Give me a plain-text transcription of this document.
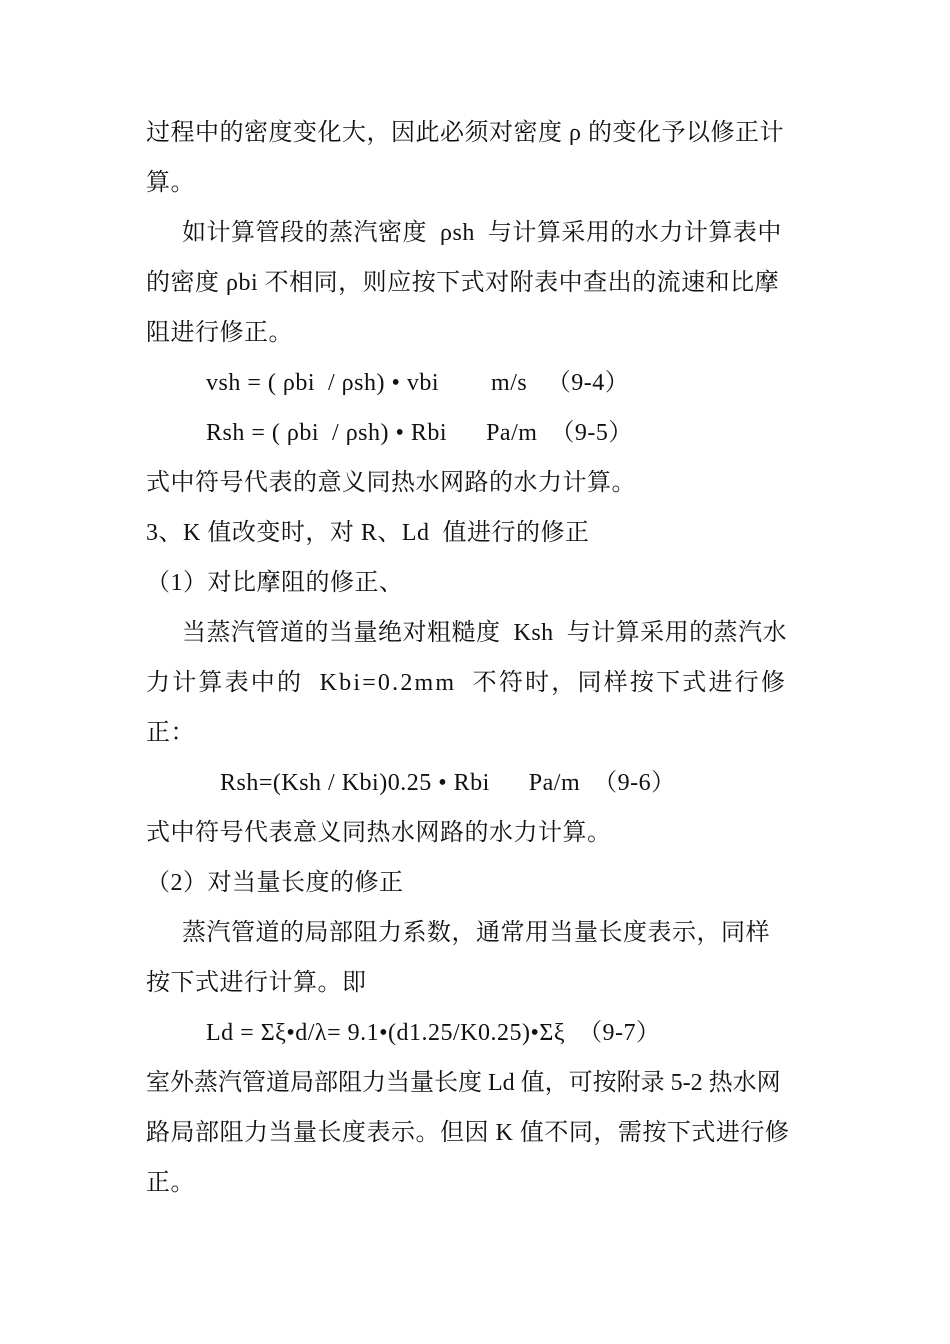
过程中的密度变化大，因此必须对密度 ρ 的变化予以修正计
算。
如计算管段的蒸汽密度  ρsh  与计算采用的水力计算表中
的密度 ρbi 不相同，则应按下式对附表中查出的流速和比摩
阻进行修正。
vsh = ( ρbi  / ρsh) • vbi        m/s   （9-4）
Rsh = ( ρbi  / ρsh) • Rbi      Pa/m  （9-5）
式中符号代表的意义同热水网路的水力计算。
3、K 值改变时，对 R、Ld  值进行的修正
（1）对比摩阻的修正、
当蒸汽管道的当量绝对粗糙度  Ksh  与计算采用的蒸汽水
力计算表中的  Kbi=0.2mm  不符时，同样按下式进行修
正：
Rsh=(Ksh / Kbi)0.25 • Rbi      Pa/m  （9-6）
式中符号代表意义同热水网路的水力计算。
（2）对当量长度的修正
蒸汽管道的局部阻力系数，通常用当量长度表示，同样
按下式进行计算。即
Ld = Σξ•d/λ= 9.1•(d1.25/K0.25)•Σξ  （9-7）
室外蒸汽管道局部阻力当量长度 Ld 值，可按附录 5-2 热水网
路局部阻力当量长度表示。但因 K 值不同，需按下式进行修
正。
